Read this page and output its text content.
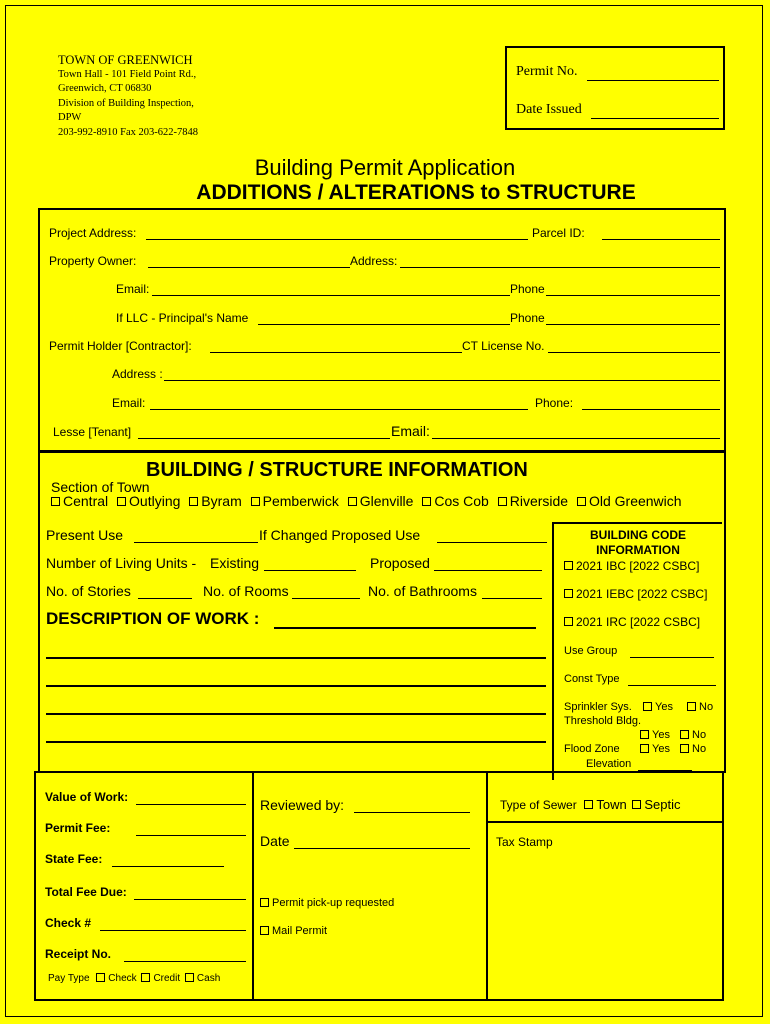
TOWN OF GREENWICH
Town Hall - 101 Field Point Rd.,
Greenwich, CT 06830
Division of Building Inspection,
DPW
203-992-8910 Fax 203-622-7848
Permit No.
Date Issued
Building Permit Application
ADDITIONS / ALTERATIONS to STRUCTURE
Project Address:	Parcel ID:
Property Owner:	Address:
Email:	Phone
If LLC - Principal's Name	Phone
Permit Holder [Contractor]:	CT License No.
Address :
Email:	Phone:
Lesse [Tenant]	Email:
BUILDING / STRUCTURE INFORMATION
Section of Town
Central Outlying Byram Pemberwick Glenville Cos Cob Riverside Old Greenwich
Present Use	If Changed Proposed Use
Number of Living Units - Existing	Proposed
No. of Stories	No. of Rooms	No. of Bathrooms
DESCRIPTION OF WORK :
BUILDING CODE
INFORMATION
2021 IBC [2022 CSBC]
2021 IEBC [2022 CSBC]
2021 IRC [2022 CSBC]
Use Group
Const Type
Sprinkler Sys.	Yes	No
Threshold Bldg.
Yes	No
Flood Zone	Yes	No
Elevation
Value of Work:
Permit Fee:
State Fee:
Total Fee Due:
Check #
Receipt No.
Pay Type Check Credit Cash
Reviewed by:
Date
Permit pick-up requested
Mail Permit
Type of Sewer Town Septic
Tax Stamp
